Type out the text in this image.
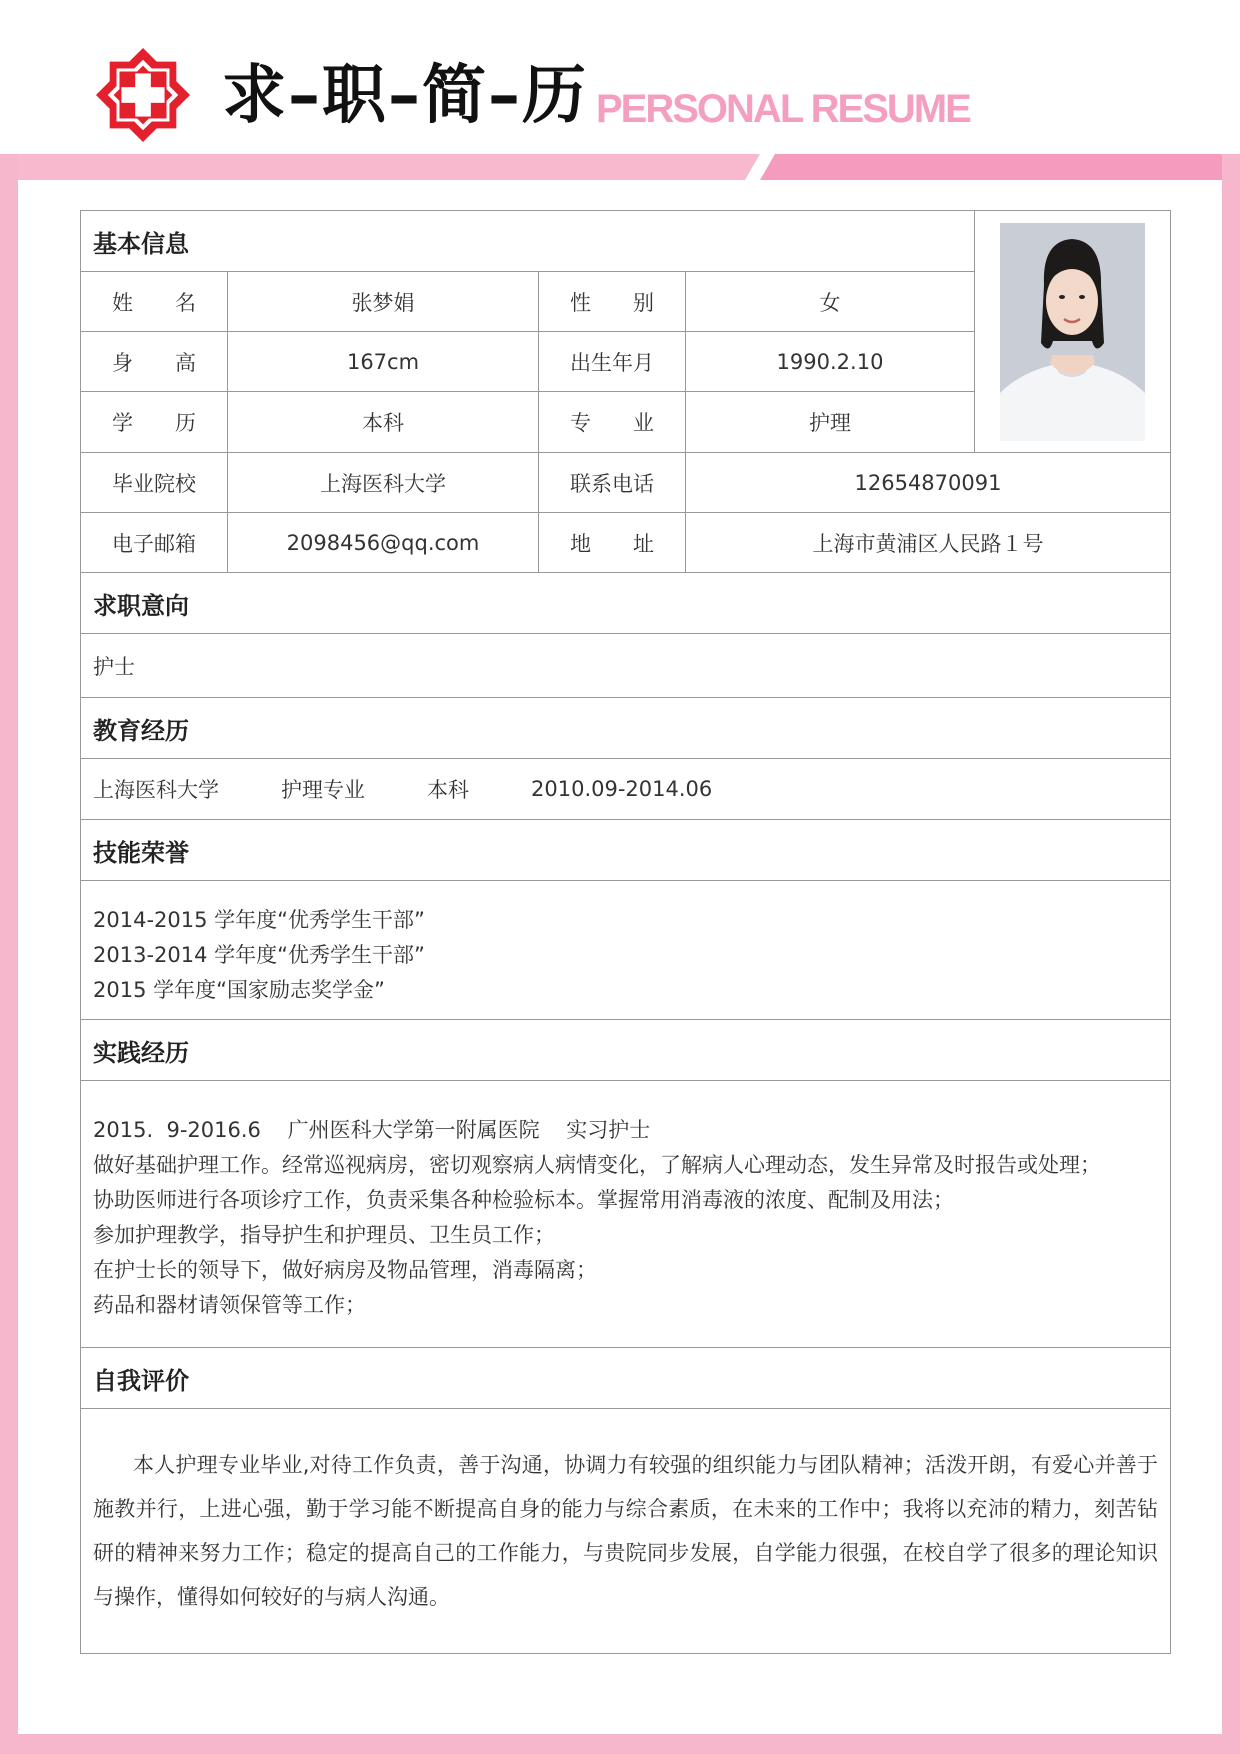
求–职–简–历 PERSONAL RESUME
基本信息
姓　　名	张梦娟	性　　别	女
身　　高	167cm	出生年月	1990.2.10
学　　历	本科	专　　业	护理
毕业院校	上海医科大学	联系电话	12654870091
电子邮箱	2098456@qq.com	地　　址	上海市黄浦区人民路１号
求职意向
护士
教育经历
上海医科大学	护理专业	本科	2010.09-2014.06
技能荣誉
2014-2015 学年度“优秀学生干部”
2013-2014 学年度“优秀学生干部”
2015 学年度“国家励志奖学金”
实践经历
2015.  9-2016.6    广州医科大学第一附属医院    实习护士
做好基础护理工作。经常巡视病房，密切观察病人病情变化，了解病人心理动态，发生异常及时报告或处理；
协助医师进行各项诊疗工作，负责采集各种检验标本。掌握常用消毒液的浓度、配制及用法；
参加护理教学，指导护生和护理员、卫生员工作；
在护士长的领导下，做好病房及物品管理，消毒隔离；
药品和器材请领保管等工作；
自我评价
本人护理专业毕业,对待工作负责，善于沟通，协调力有较强的组织能力与团队精神；活泼开朗，有爱心并善于施教并行，上进心强，勤于学习能不断提高自身的能力与综合素质，在未来的工作中；我将以充沛的精力，刻苦钻研的精神来努力工作；稳定的提高自己的工作能力，与贵院同步发展，自学能力很强，在校自学了很多的理论知识与操作，懂得如何较好的与病人沟通。
